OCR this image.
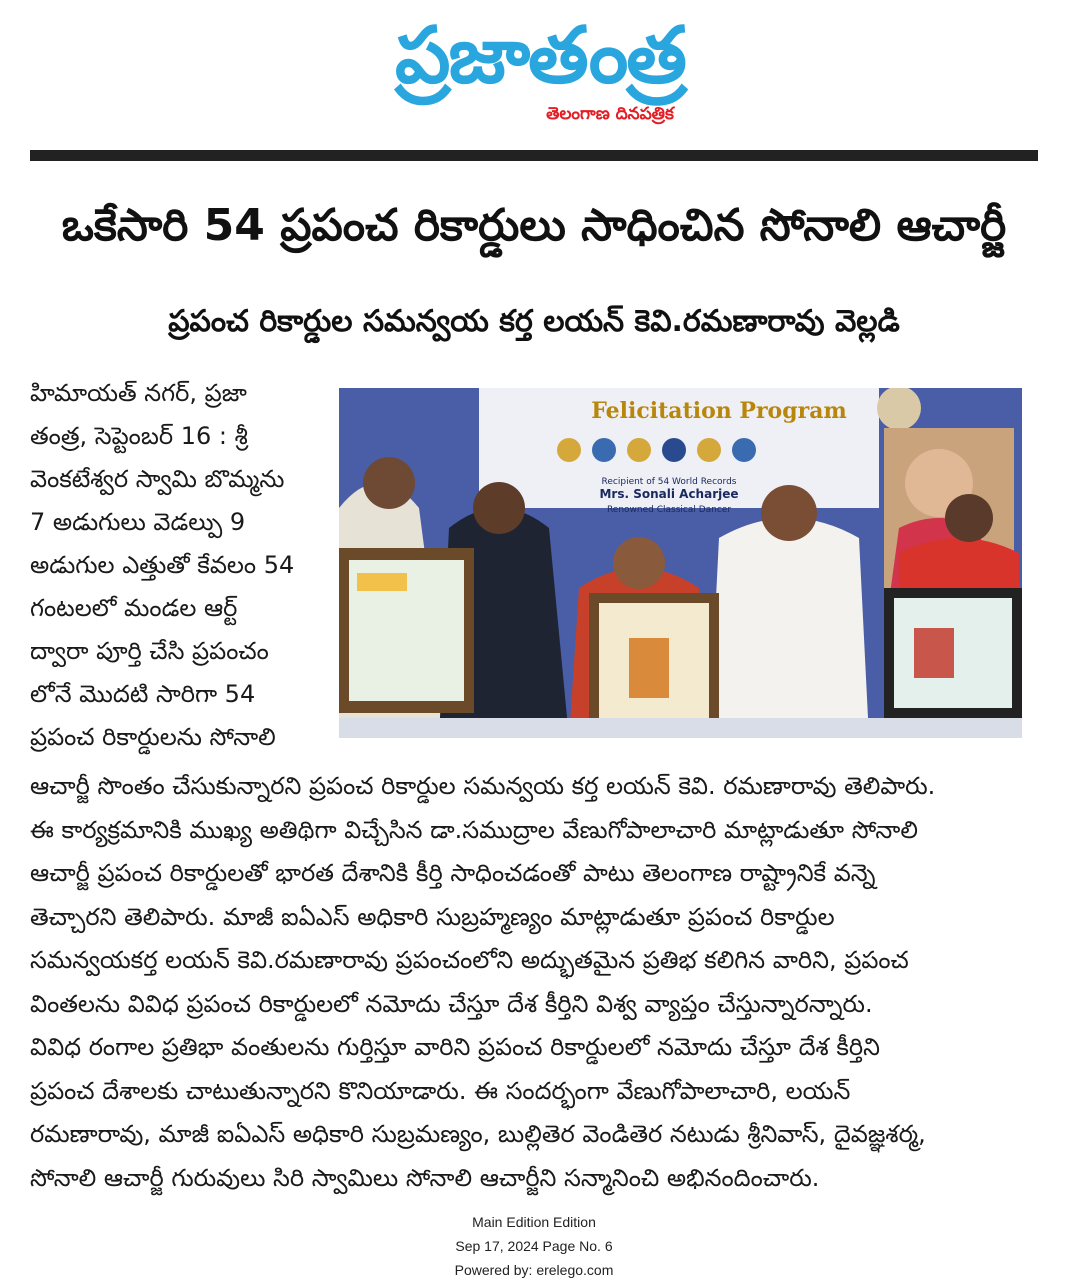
ప్రజాతంత్ర
తెలంగాణ దినపత్రిక
ఒకేసారి 54 ప్రపంచ రికార్డులు సాధించిన సోనాలి ఆచార్జీ
ప్రపంచ రికార్డుల సమన్వయ కర్త లయన్ కెవి.రమణారావు వెల్లడి
హిమాయత్ నగర్, ప్రజా
తంత్ర, సెప్టెంబర్ 16 : శ్రీ
వెంకటేశ్వర స్వామి బొమ్మను
7 అడుగులు వెడల్పు 9
అడుగుల ఎత్తుతో కేవలం 54
గంటలలో మండల ఆర్ట్
ద్వారా పూర్తి చేసి ప్రపంచం
లోనే మొదటి సారిగా 54
ప్రపంచ రికార్డులను సోనాలి
Felicitation Program
Recipient of 54 World Records
Mrs. Sonali Acharjee
Renowned Classical Dancer
ఆచార్జీ సొంతం చేసుకున్నారని ప్రపంచ రికార్డుల సమన్వయ కర్త లయన్ కెవి. రమణారావు తెలిపారు.
ఈ కార్యక్రమానికి ముఖ్య అతిథిగా విచ్చేసిన డా.సముద్రాల వేణుగోపాలాచారి మాట్లాడుతూ సోనాలి
ఆచార్జీ ప్రపంచ రికార్డులతో భారత దేశానికి కీర్తి సాధించడంతో పాటు తెలంగాణ రాష్ట్రానికే వన్నె
తెచ్చారని తెలిపారు. మాజీ ఐఏఎస్ అధికారి సుబ్రహ్మణ్యం మాట్లాడుతూ ప్రపంచ రికార్డుల
సమన్వయకర్త లయన్ కెవి.రమణారావు ప్రపంచంలోని అద్భుతమైన ప్రతిభ కలిగిన వారిని, ప్రపంచ
వింతలను వివిధ ప్రపంచ రికార్డులలో నమోదు చేస్తూ దేశ కీర్తిని విశ్వ వ్యాప్తం చేస్తున్నారన్నారు.
వివిధ రంగాల ప్రతిభా వంతులను గుర్తిస్తూ వారిని ప్రపంచ రికార్డులలో నమోదు చేస్తూ దేశ కీర్తిని
ప్రపంచ దేశాలకు చాటుతున్నారని కొనియాడారు. ఈ సందర్భంగా వేణుగోపాలాచారి, లయన్
రమణారావు, మాజీ ఐఏఎస్ అధికారి సుబ్రమణ్యం, బుల్లితెర వెండితెర నటుడు శ్రీనివాస్, దైవజ్ఞశర్మ,
సోనాలి ఆచార్జీ గురువులు సిరి స్వామిలు సోనాలి ఆచార్జీని సన్మానించి అభినందించారు.
Main Edition Edition
Sep 17, 2024 Page No. 6
Powered by: erelego.com
